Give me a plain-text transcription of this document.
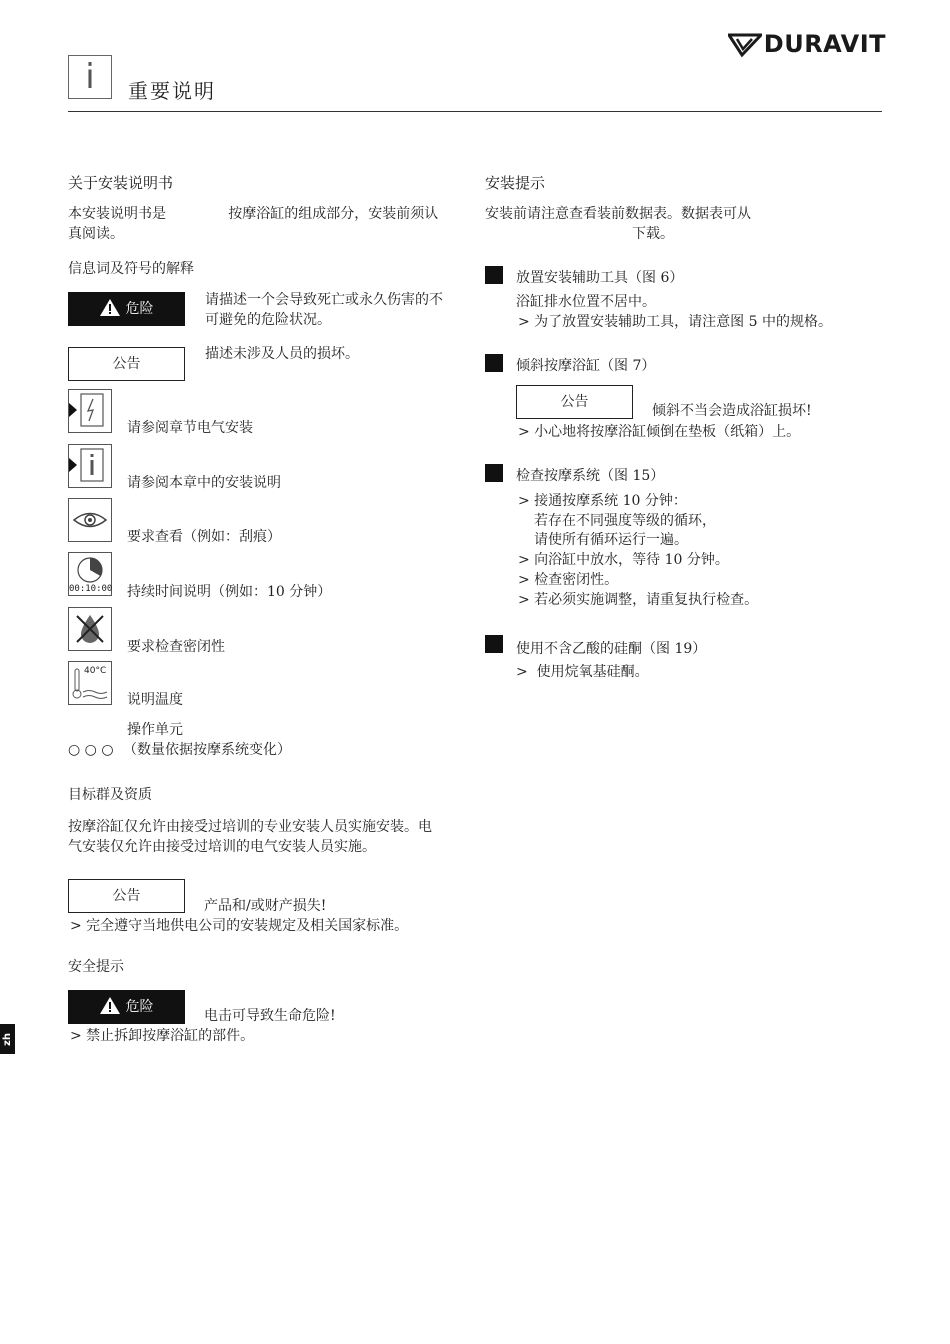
i	重要说明
DURAVIT
关于安装说明书
本安装说明书是              按摩浴缸的组成部分，安装前须认
真阅读。
信息词及符号的解释
危险
请描述一个会导致死亡或永久伤害的不
可避免的危险状况。
公告
描述未涉及人员的损坏。
请参阅章节电气安装
请参阅本章中的安装说明
要求查看（例如：刮痕）
00:10:00 持续时间说明（例如：10 分钟）
要求检查密闭性
40°C
说明温度
操作单元
○ ○ ○ （数量依据按摩系统变化）
目标群及资质
按摩浴缸仅允许由接受过培训的专业安装人员实施安装。电
气安装仅允许由接受过培训的电气安装人员实施。
公告
产品和/或财产损失!
> 完全遵守当地供电公司的安装规定及相关国家标准。
安全提示
危险
电击可导致生命危险!
> 禁止拆卸按摩浴缸的部件。
安装提示
安装前请注意查看装前数据表。数据表可从
下载。
放置安装辅助工具（图 6）
浴缸排水位置不居中。
> 为了放置安装辅助工具，请注意图 5 中的规格。
倾斜按摩浴缸（图 7）
公告
倾斜不当会造成浴缸损坏!
> 小心地将按摩浴缸倾倒在垫板（纸箱）上。
检查按摩系统（图 15）
> 接通按摩系统 10 分钟：
若存在不同强度等级的循环，
请使所有循环运行一遍。
> 向浴缸中放水，等待 10 分钟。
> 检查密闭性。
> 若必须实施调整，请重复执行检查。
使用不含乙酸的硅酮（图 19）
>  使用烷氧基硅酮。
zh
